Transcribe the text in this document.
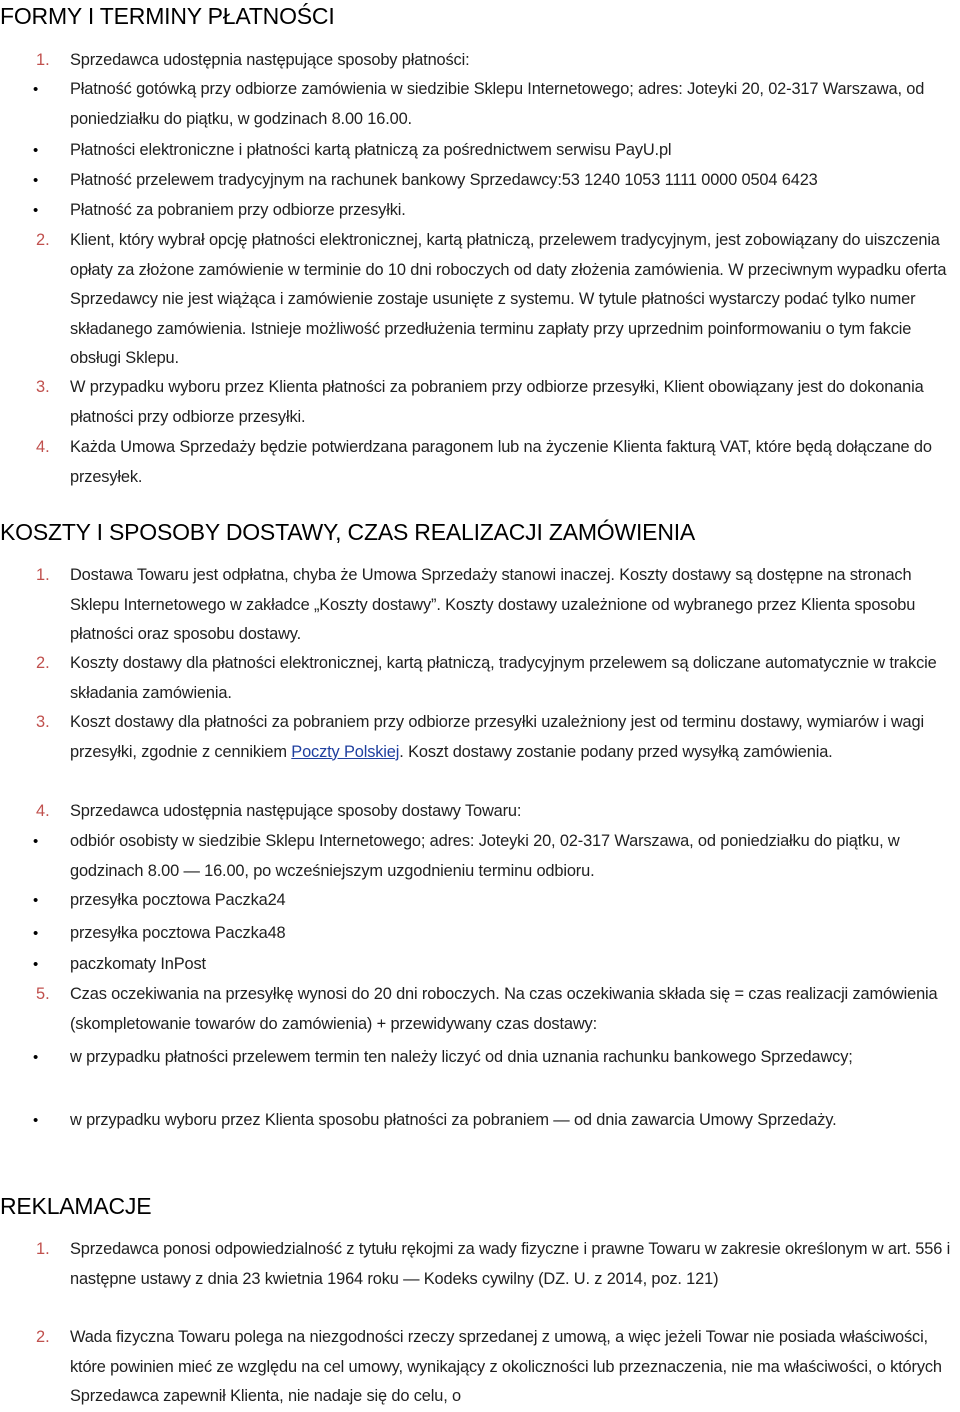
FORMY I TERMINY PŁATNOŚCI
1. Sprzedawca udostępnia następujące sposoby płatności:

• Płatność gotówką przy odbiorze zamówienia w siedzibie Sklepu Internetowego; adres: Joteyki 20, 02-317 Warszawa, od poniedziałku do piątku, w godzinach 8.00 16.00.

• Płatności elektroniczne i płatności kartą płatniczą za pośrednictwem serwisu PayU.pl

• Płatność przelewem tradycyjnym na rachunek bankowy Sprzedawcy:53 1240 1053 1111 0000 0504 6423

• Płatność za pobraniem przy odbiorze przesyłki.

2. Klient, który wybrał opcję płatności elektronicznej, kartą płatniczą, przelewem tradycyjnym, jest zobowiązany do uiszczenia opłaty za złożone zamówienie w terminie do 10 dni roboczych od daty złożenia zamówienia. W przeciwnym wypadku oferta Sprzedawcy nie jest wiążąca i zamówienie zostaje usunięte z systemu. W tytule płatności wystarczy podać tylko numer składanego zamówienia. Istnieje możliwość przedłużenia terminu zapłaty przy uprzednim poinformowaniu o tym fakcie obsługi Sklepu.

3. W przypadku wyboru przez Klienta płatności za pobraniem przy odbiorze przesyłki, Klient obowiązany jest do dokonania płatności przy odbiorze przesyłki.

4. Każda Umowa Sprzedaży będzie potwierdzana paragonem lub na życzenie Klienta fakturą VAT, które będą dołączane do przesyłek.

KOSZTY I SPOSOBY DOSTAWY, CZAS REALIZACJI ZAMÓWIENIA
1. Dostawa Towaru jest odpłatna, chyba że Umowa Sprzedaży stanowi inaczej. Koszty dostawy są dostępne na stronach Sklepu Internetowego w zakładce „Koszty dostawy”. Koszty dostawy uzależnione od wybranego przez Klienta sposobu płatności oraz sposobu dostawy.

2. Koszty dostawy dla płatności elektronicznej, kartą płatniczą, tradycyjnym przelewem są doliczane automatycznie w trakcie składania zamówienia.

3. Koszt dostawy dla płatności za pobraniem przy odbiorze przesyłki uzależniony jest od terminu dostawy, wymiarów i wagi przesyłki, zgodnie z cennikiem Poczty Polskiej. Koszt dostawy zostanie podany przed wysyłką zamówienia.

4. Sprzedawca udostępnia następujące sposoby dostawy Towaru:

• odbiór osobisty w siedzibie Sklepu Internetowego; adres: Joteyki 20, 02-317 Warszawa, od poniedziałku do piątku, w godzinach 8.00 — 16.00, po wcześniejszym uzgodnieniu terminu odbioru.

• przesyłka pocztowa Paczka24

• przesyłka pocztowa Paczka48

• paczkomaty InPost

5. Czas oczekiwania na przesyłkę wynosi do 20 dni roboczych. Na czas oczekiwania składa się = czas realizacji zamówienia (skompletowanie towarów do zamówienia) + przewidywany czas dostawy:

• w przypadku płatności przelewem termin ten należy liczyć od dnia uznania rachunku bankowego Sprzedawcy;

• w przypadku wyboru przez Klienta sposobu płatności za pobraniem — od dnia zawarcia Umowy Sprzedaży.

REKLAMACJE
1. Sprzedawca ponosi odpowiedzialność z tytułu rękojmi za wady fizyczne i prawne Towaru w zakresie określonym w art. 556 i następne ustawy z dnia 23 kwietnia 1964 roku — Kodeks cywilny (DZ. U. z 2014, poz. 121)

2. Wada fizyczna Towaru polega na niezgodności rzeczy sprzedanej z umową, a więc jeżeli Towar nie posiada właściwości, które powinien mieć ze względu na cel umowy, wynikający z okoliczności lub przeznaczenia, nie ma właściwości, o których Sprzedawca zapewnił Klienta, nie nadaje się do celu, o
